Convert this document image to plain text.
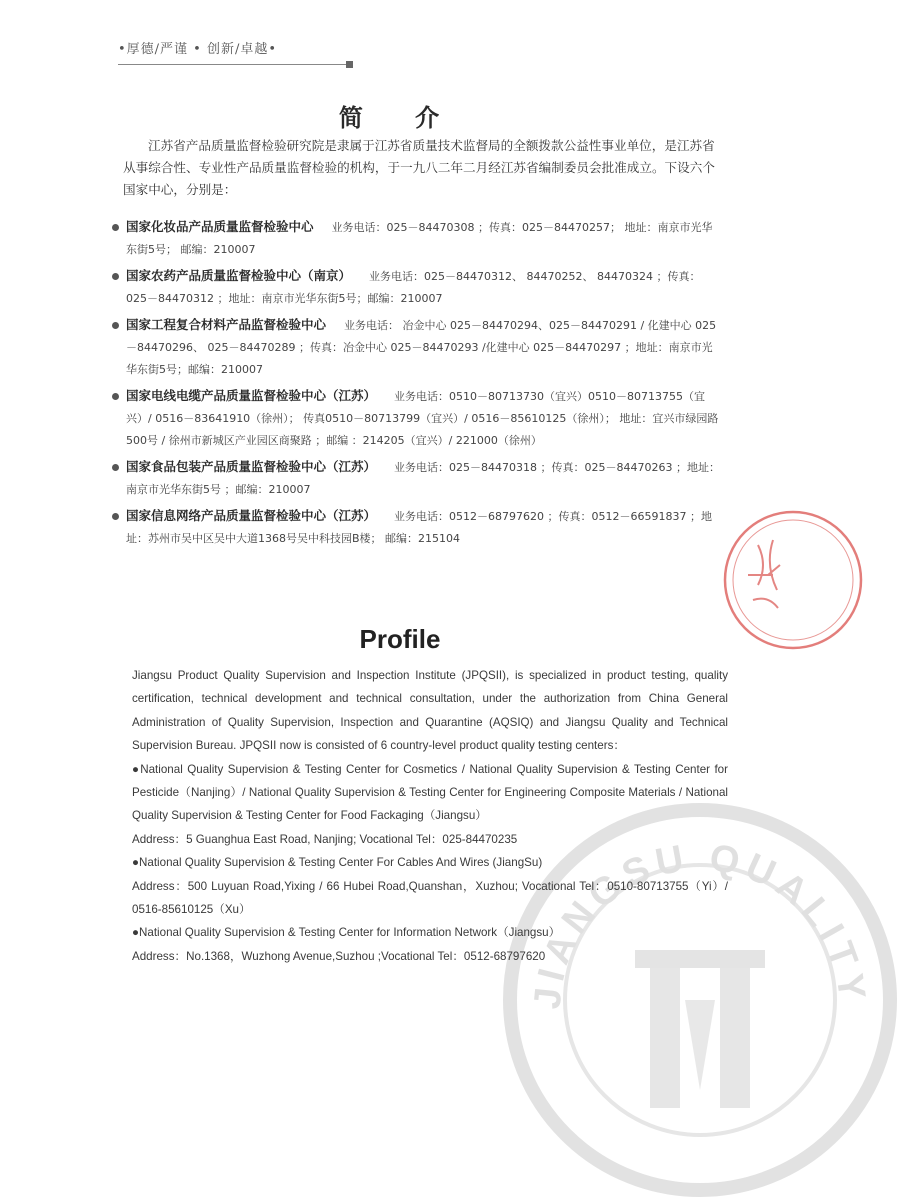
•厚德/严谨 • 创新/卓越•
简 介

江苏省产品质量监督检验研究院是隶属于江苏省质量技术监督局的全额拨款公益性事业单位，是江苏省从事综合性、专业性产品质量监督检验的机构，于一九八二年二月经江苏省编制委员会批准成立。下设六个国家中心，分别是：

国家化妆品产品质量监督检验中心 业务电话：025－84470308 ；传真：025－84470257； 地址：南京市光华东街5号； 邮编：210007
国家农药产品质量监督检验中心（南京） 业务电话：025－84470312、 84470252、 84470324 ；传真：025－84470312 ；地址：南京市光华东街5号；邮编：210007
国家工程复合材料产品监督检验中心 业务电话： 冶金中心 025－84470294、025－84470291 / 化建中心 025－84470296、 025－84470289 ；传真：冶金中心 025－84470293 /化建中心 025－84470297 ；地址：南京市光华东街5号；邮编：210007
国家电线电缆产品质量监督检验中心（江苏） 业务电话：0510－80713730（宜兴）0510－80713755（宜兴）/ 0516－83641910（徐州）； 传真0510－80713799（宜兴）/ 0516－85610125（徐州）； 地址：宜兴市绿园路500号 / 徐州市新城区产业园区商聚路 ；邮编 ：214205（宜兴）/ 221000（徐州）
国家食品包装产品质量监督检验中心（江苏） 业务电话：025－84470318 ；传真：025－84470263 ；地址：南京市光华东街5号 ；邮编：210007
国家信息网络产品质量监督检验中心（江苏） 业务电话：0512－68797620 ；传真：0512－66591837 ；地址：苏州市吴中区吴中大道1368号吴中科技园B楼； 邮编：215104
JIANGSU QUALITY
Profile

Jiangsu Product Quality Supervision and Inspection Institute (JPQSII), is specialized in product testing, quality certification, technical development and technical consultation, under the authorization from China General Administration of Quality Supervision, Inspection and Quarantine (AQSIQ) and Jiangsu Quality and Technical Supervision Bureau. JPQSII now is consisted of 6 country-level product quality testing centers：

●National Quality Supervision & Testing Center for Cosmetics / National Quality Supervision & Testing Center for Pesticide（Nanjing）/ National Quality Supervision & Testing Center for Engineering Composite Materials / National Quality Supervision & Testing Center for Food Fackaging（Jiangsu）

Address：5 Guanghua East Road, Nanjing; Vocational Tel：025-84470235

●National Quality Supervision & Testing Center For Cables And Wires (JiangSu)

Address：500 Luyuan Road,Yixing / 66 Hubei Road,Quanshan，Xuzhou; Vocational Tel：0510-80713755（Yi）/ 0516-85610125（Xu）

●National Quality Supervision & Testing Center for Information Network（Jiangsu）

Address：No.1368，Wuzhong Avenue,Suzhou ;Vocational Tel：0512-68797620
